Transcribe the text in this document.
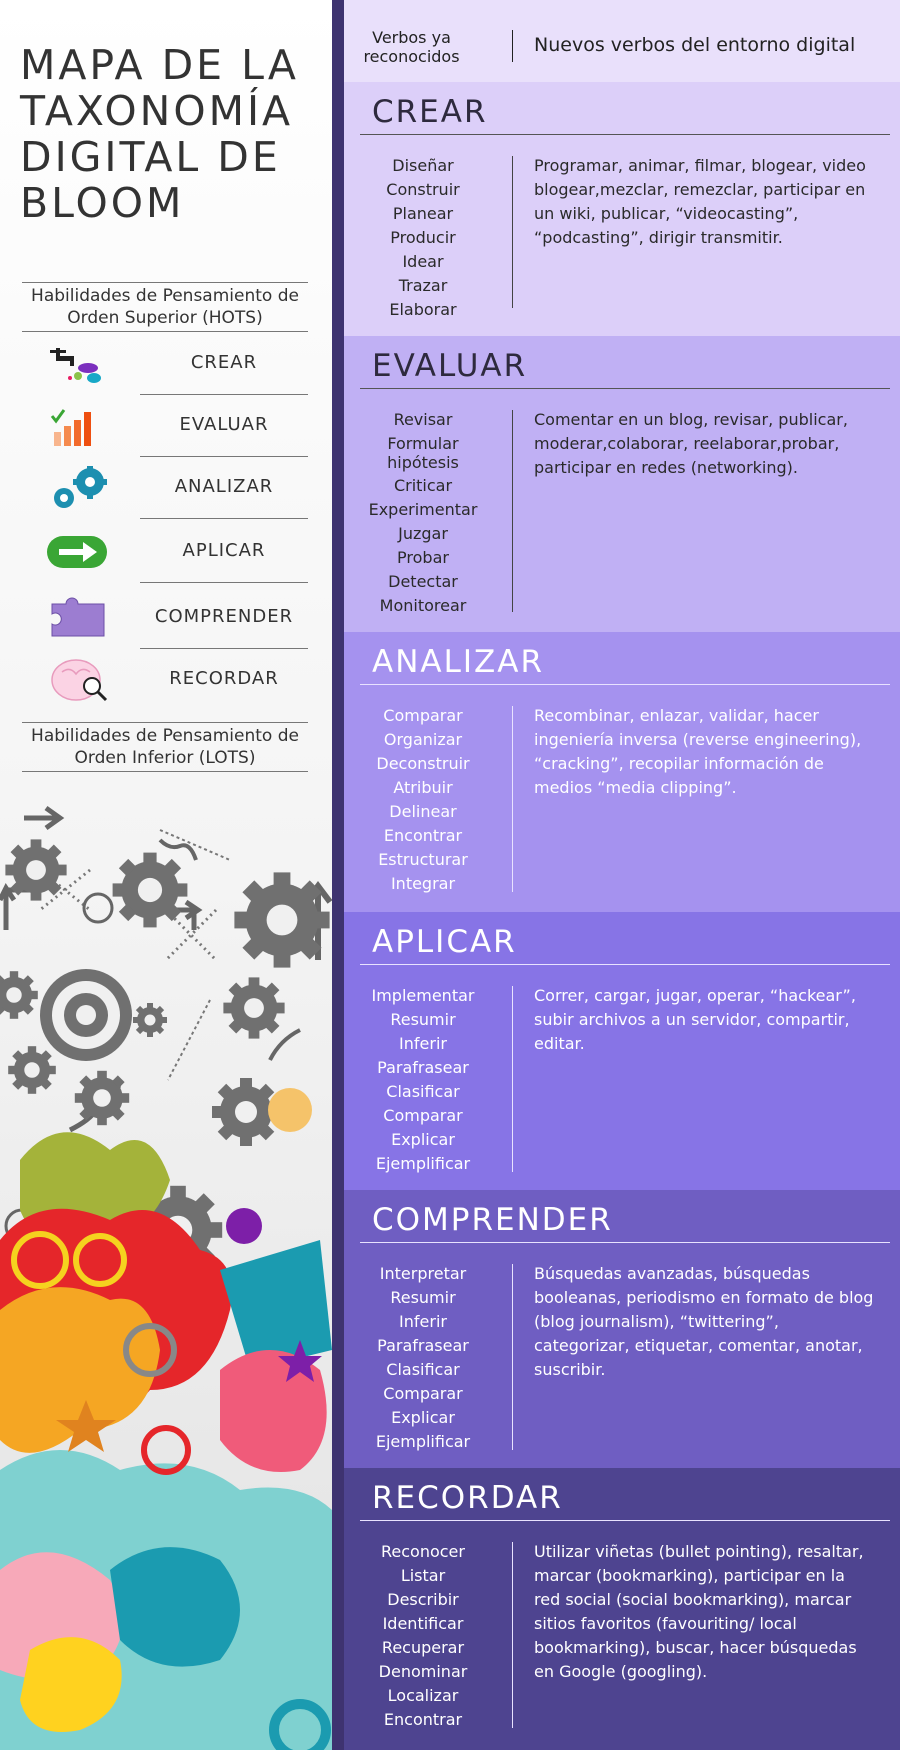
MAPA DE LA TAXONOMÍA DIGITAL DE BLOOM
Habilidades de Pensamiento de Orden Superior (HOTS)
CREAR
EVALUAR
ANALIZAR
APLICAR
COMPRENDER
RECORDAR
Habilidades de Pensamiento de Orden Inferior (LOTS)
Verbos ya reconocidos
Nuevos verbos del entorno digital
CREAR
Diseñar
Construir
Planear
Producir
Idear
Trazar
Elaborar
Programar, animar, filmar, blogear, video blogear,mezclar, remezclar, participar en un wiki, publicar, “videocasting”, “podcasting”, dirigir transmitir.
EVALUAR
Revisar
Formular hipótesis
Criticar
Experimentar
Juzgar
Probar
Detectar
Monitorear
Comentar en un blog, revisar, publicar, moderar,colaborar, reelaborar,probar, participar en redes (networking).
ANALIZAR
Comparar
Organizar
Deconstruir
Atribuir
Delinear
Encontrar
Estructurar
Integrar
Recombinar, enlazar, validar, hacer ingeniería inversa (reverse engineering), “cracking”, recopilar información de medios “media clipping”.
APLICAR
Implementar
Resumir
Inferir
Parafrasear
Clasificar
Comparar
Explicar
Ejemplificar
Correr, cargar, jugar, operar, “hackear”, subir archivos a un servidor, compartir, editar.
COMPRENDER
Interpretar
Resumir
Inferir
Parafrasear
Clasificar
Comparar
Explicar
Ejemplificar
Búsquedas avanzadas, búsquedas booleanas, periodismo en formato de blog (blog journalism), “twittering”, categorizar, etiquetar, comentar, anotar, suscribir.
RECORDAR
Reconocer
Listar
Describir
Identificar
Recuperar
Denominar
Localizar
Encontrar
Utilizar viñetas (bullet pointing), resaltar, marcar (bookmarking), participar en la red social (social bookmarking), marcar sitios favoritos (favouriting/ local bookmarking), buscar, hacer búsquedas en Google (googling).
